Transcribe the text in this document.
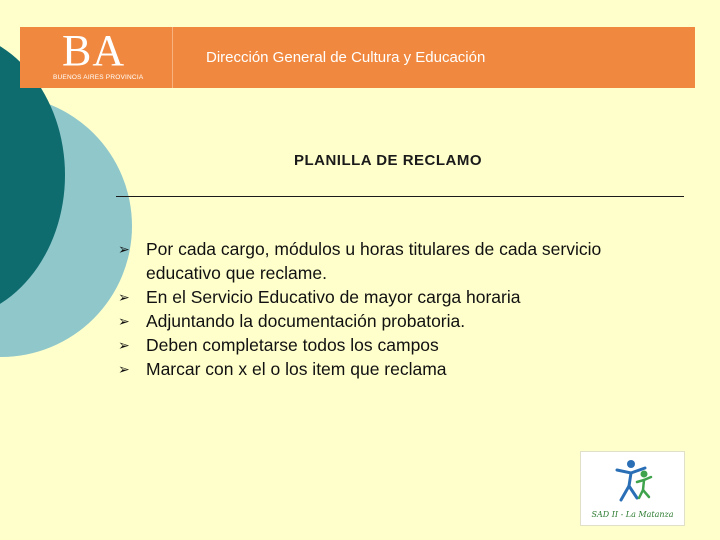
BA
BUENOS AIRES PROVINCIA
Dirección General de Cultura y Educación
PLANILLA DE RECLAMO
➢ Por cada cargo, módulos u horas titulares de cada servicio educativo que reclame.
➢ En el Servicio Educativo de mayor carga horaria
➢ Adjuntando la documentación probatoria.
➢ Deben completarse todos los campos
➢ Marcar con x el o los item que reclama
SAD II - La Matanza
